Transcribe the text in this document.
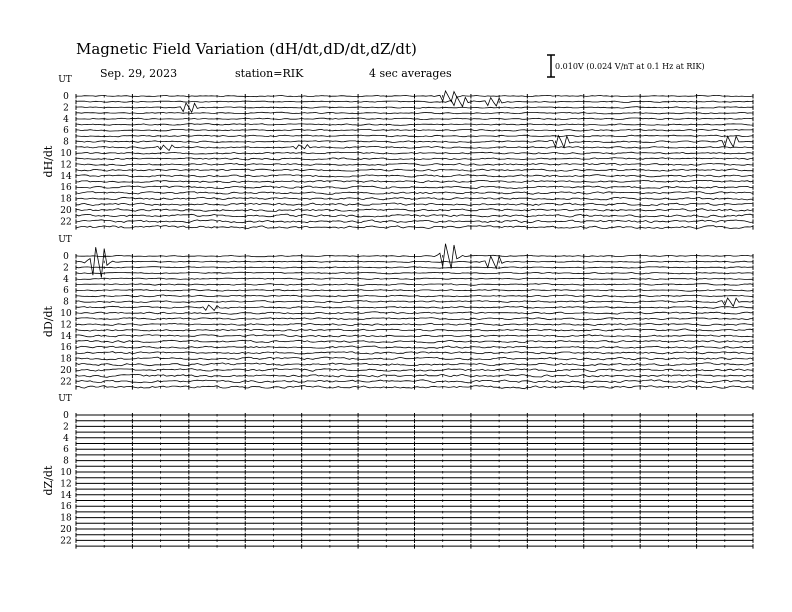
Magnetic Field Variation (dH/dt,dD/dt,dZ/dt)
Sep. 29, 2023	station=RIK	4 sec averages
0.010V (0.024 V/nT at 0.1 Hz at RIK)
UT
dH/dt
0
2
4
6
8
10
12
14
16
18
20
22
UT
dD/dt
0
2
4
6
8
10
12
14
16
18
20
22
UT
dZ/dt
0
2
4
6
8
10
12
14
16
18
20
22
